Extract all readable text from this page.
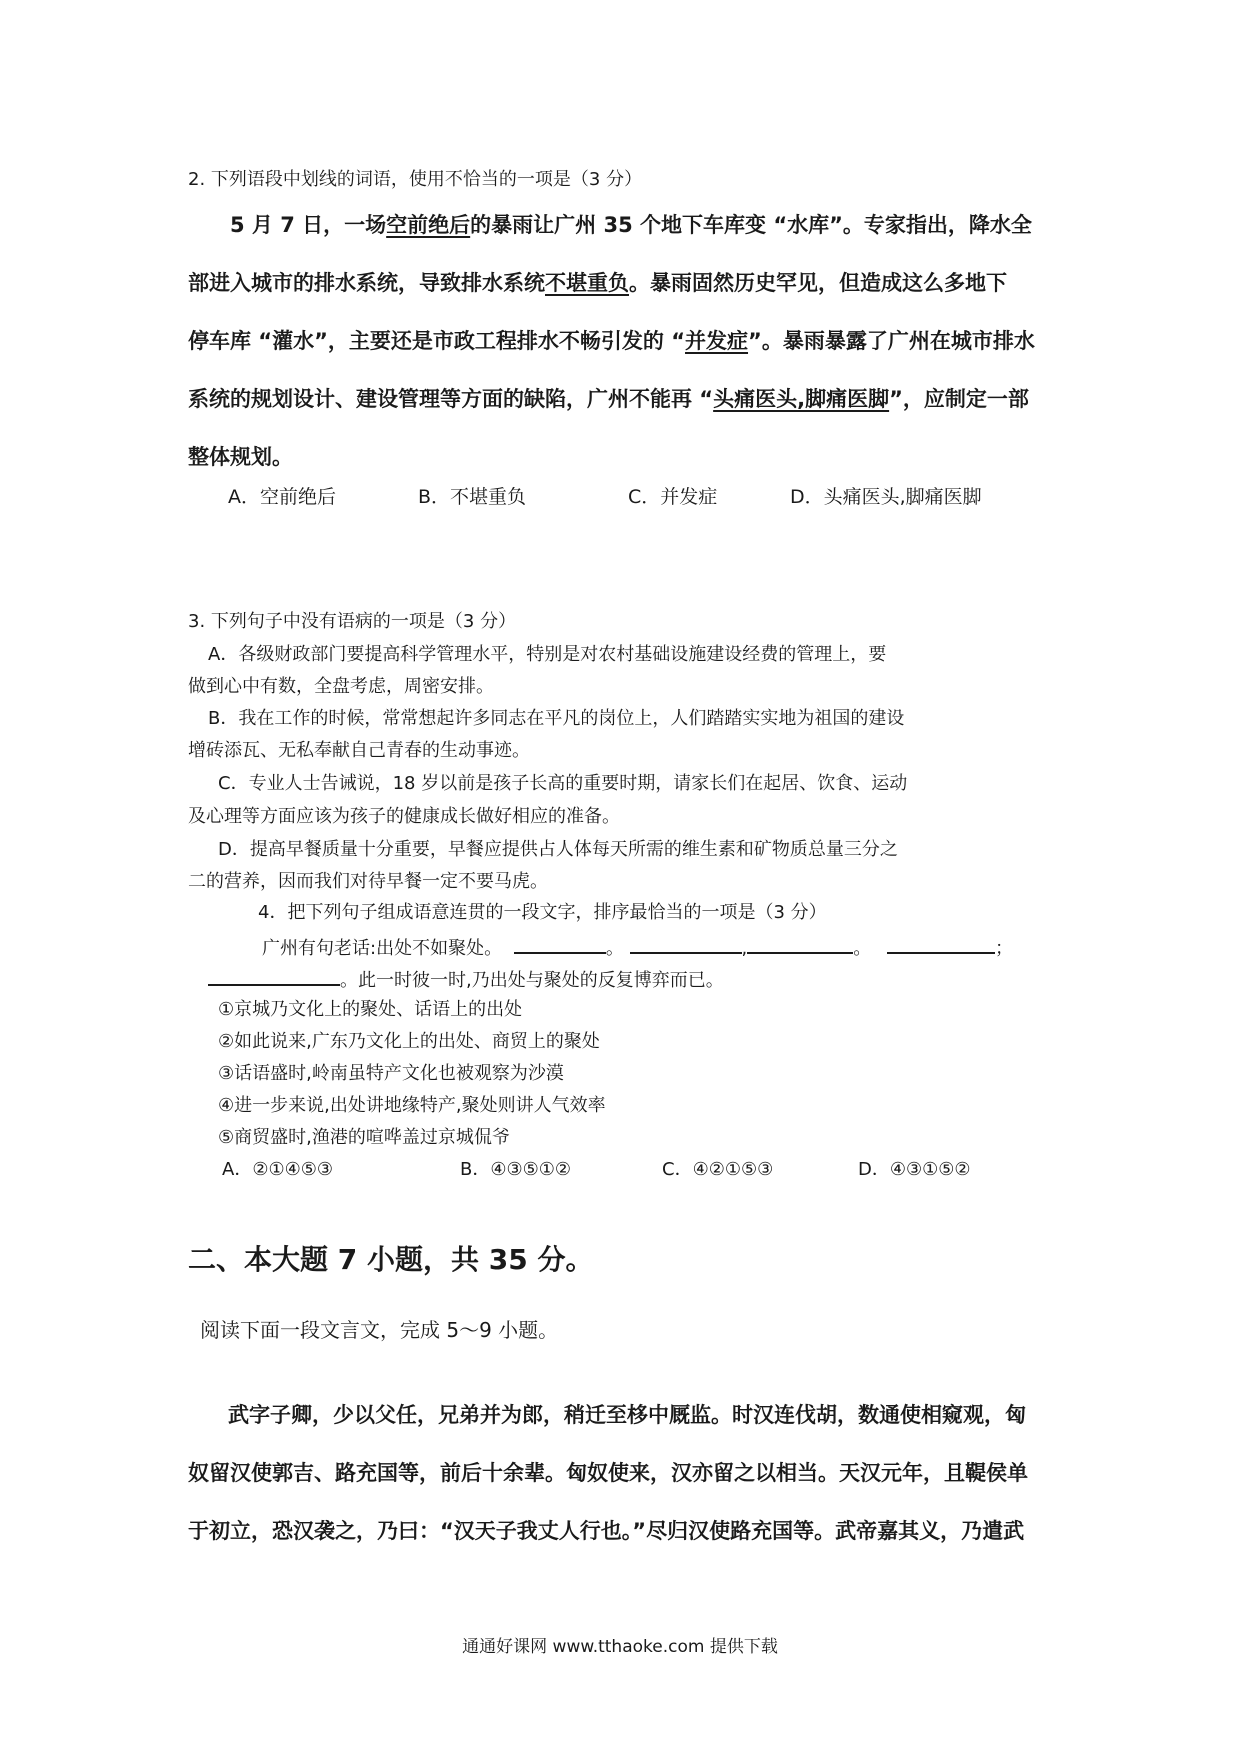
2. 下列语段中划线的词语，使用不恰当的一项是（3 分）
5 月 7 日，一场空前绝后的暴雨让广州 35 个地下车库变 “水库”。专家指出，降水全
部进入城市的排水系统，导致排水系统不堪重负。暴雨固然历史罕见，但造成这么多地下
停车库 “灌水”，主要还是市政工程排水不畅引发的 “并发症”。暴雨暴露了广州在城市排水
系统的规划设计、建设管理等方面的缺陷，广州不能再 “头痛医头,脚痛医脚”，应制定一部
整体规划。
A．空前绝后	B．不堪重负	C．并发症	D．头痛医头,脚痛医脚
3. 下列句子中没有语病的一项是（3 分）
A．各级财政部门要提高科学管理水平，特别是对农村基础设施建设经费的管理上，要
做到心中有数，全盘考虑，周密安排。
B．我在工作的时候，常常想起许多同志在平凡的岗位上，人们踏踏实实地为祖国的建设
增砖添瓦、无私奉献自己青春的生动事迹。
C．专业人士告诫说，18 岁以前是孩子长高的重要时期，请家长们在起居、饮食、运动
及心理等方面应该为孩子的健康成长做好相应的准备。
D．提高早餐质量十分重要，早餐应提供占人体每天所需的维生素和矿物质总量三分之
二的营养，因而我们对待早餐一定不要马虎。
4．把下列句子组成语意连贯的一段文字，排序最恰当的一项是（3 分）
广州有句老话:出处不如聚处。	。	,	。	；
。此一时彼一时,乃出处与聚处的反复博弈而已。
①京城乃文化上的聚处、话语上的出处
②如此说来,广东乃文化上的出处、商贸上的聚处
③话语盛时,岭南虽特产文化也被观察为沙漠
④进一步来说,出处讲地缘特产,聚处则讲人气效率
⑤商贸盛时,渔港的喧哗盖过京城侃爷
A．②①④⑤③	B．④③⑤①②	C．④②①⑤③	D．④③①⑤②
二、本大题 7 小题，共 35 分。
阅读下面一段文言文，完成 5～9 小题。
武字子卿，少以父任，兄弟并为郎，稍迁至栘中厩监。时汉连伐胡，数通使相窥观，匈
奴留汉使郭吉、路充国等，前后十余辈。匈奴使来，汉亦留之以相当。天汉元年，且鞮侯单
于初立，恐汉袭之，乃曰：“汉天子我丈人行也。”尽归汉使路充国等。武帝嘉其义，乃遣武
通通好课网 www.tthaoke.com 提供下载
